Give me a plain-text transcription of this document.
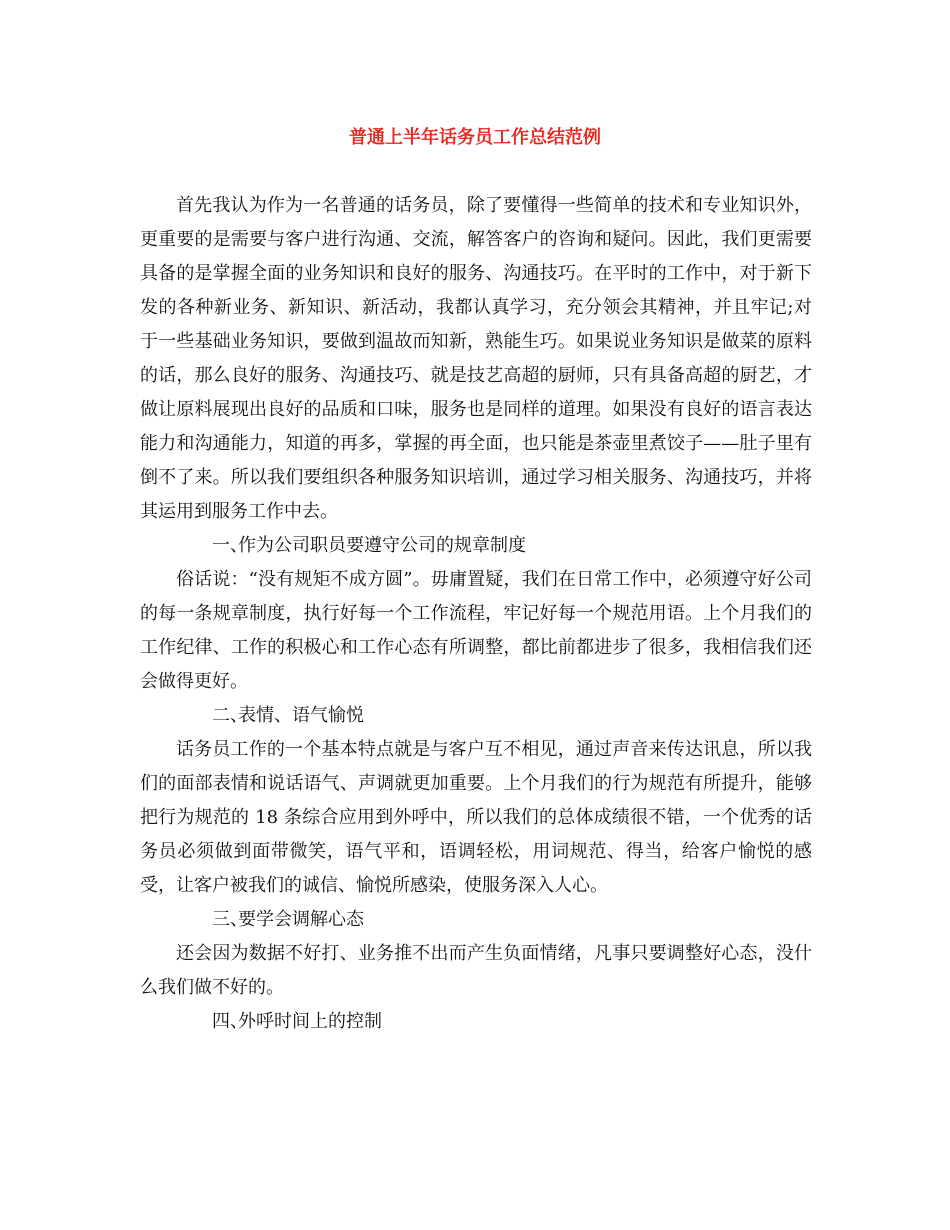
普通上半年话务员工作总结范例

首先我认为作为一名普通的话务员，除了要懂得一些简单的技术和专业知识外，更重要的是需要与客户进行沟通、交流，解答客户的咨询和疑问。因此，我们更需要具备的是掌握全面的业务知识和良好的服务、沟通技巧。在平时的工作中，对于新下发的各种新业务、新知识、新活动，我都认真学习，充分领会其精神，并且牢记;对于一些基础业务知识，要做到温故而知新，熟能生巧。如果说业务知识是做菜的原料的话，那么良好的服务、沟通技巧、就是技艺高超的厨师，只有具备高超的厨艺，才做让原料展现出良好的品质和口味，服务也是同样的道理。如果没有良好的语言表达能力和沟通能力，知道的再多，掌握的再全面，也只能是茶壶里煮饺子——肚子里有倒不了来。所以我们要组织各种服务知识培训，通过学习相关服务、沟通技巧，并将其运用到服务工作中去。

一、作为公司职员要遵守公司的规章制度

俗话说：“没有规矩不成方圆”。毋庸置疑，我们在日常工作中，必须遵守好公司的每一条规章制度，执行好每一个工作流程，牢记好每一个规范用语。上个月我们的工作纪律、工作的积极心和工作心态有所调整，都比前都进步了很多，我相信我们还会做得更好。

二、表情、语气愉悦

话务员工作的一个基本特点就是与客户互不相见，通过声音来传达讯息，所以我们的面部表情和说话语气、声调就更加重要。上个月我们的行为规范有所提升，能够把行为规范的 18 条综合应用到外呼中，所以我们的总体成绩很不错，一个优秀的话务员必须做到面带微笑，语气平和，语调轻松，用词规范、得当，给客户愉悦的感受，让客户被我们的诚信、愉悦所感染，使服务深入人心。

三、要学会调解心态

还会因为数据不好打、业务推不出而产生负面情绪，凡事只要调整好心态，没什么我们做不好的。

四、外呼时间上的控制
